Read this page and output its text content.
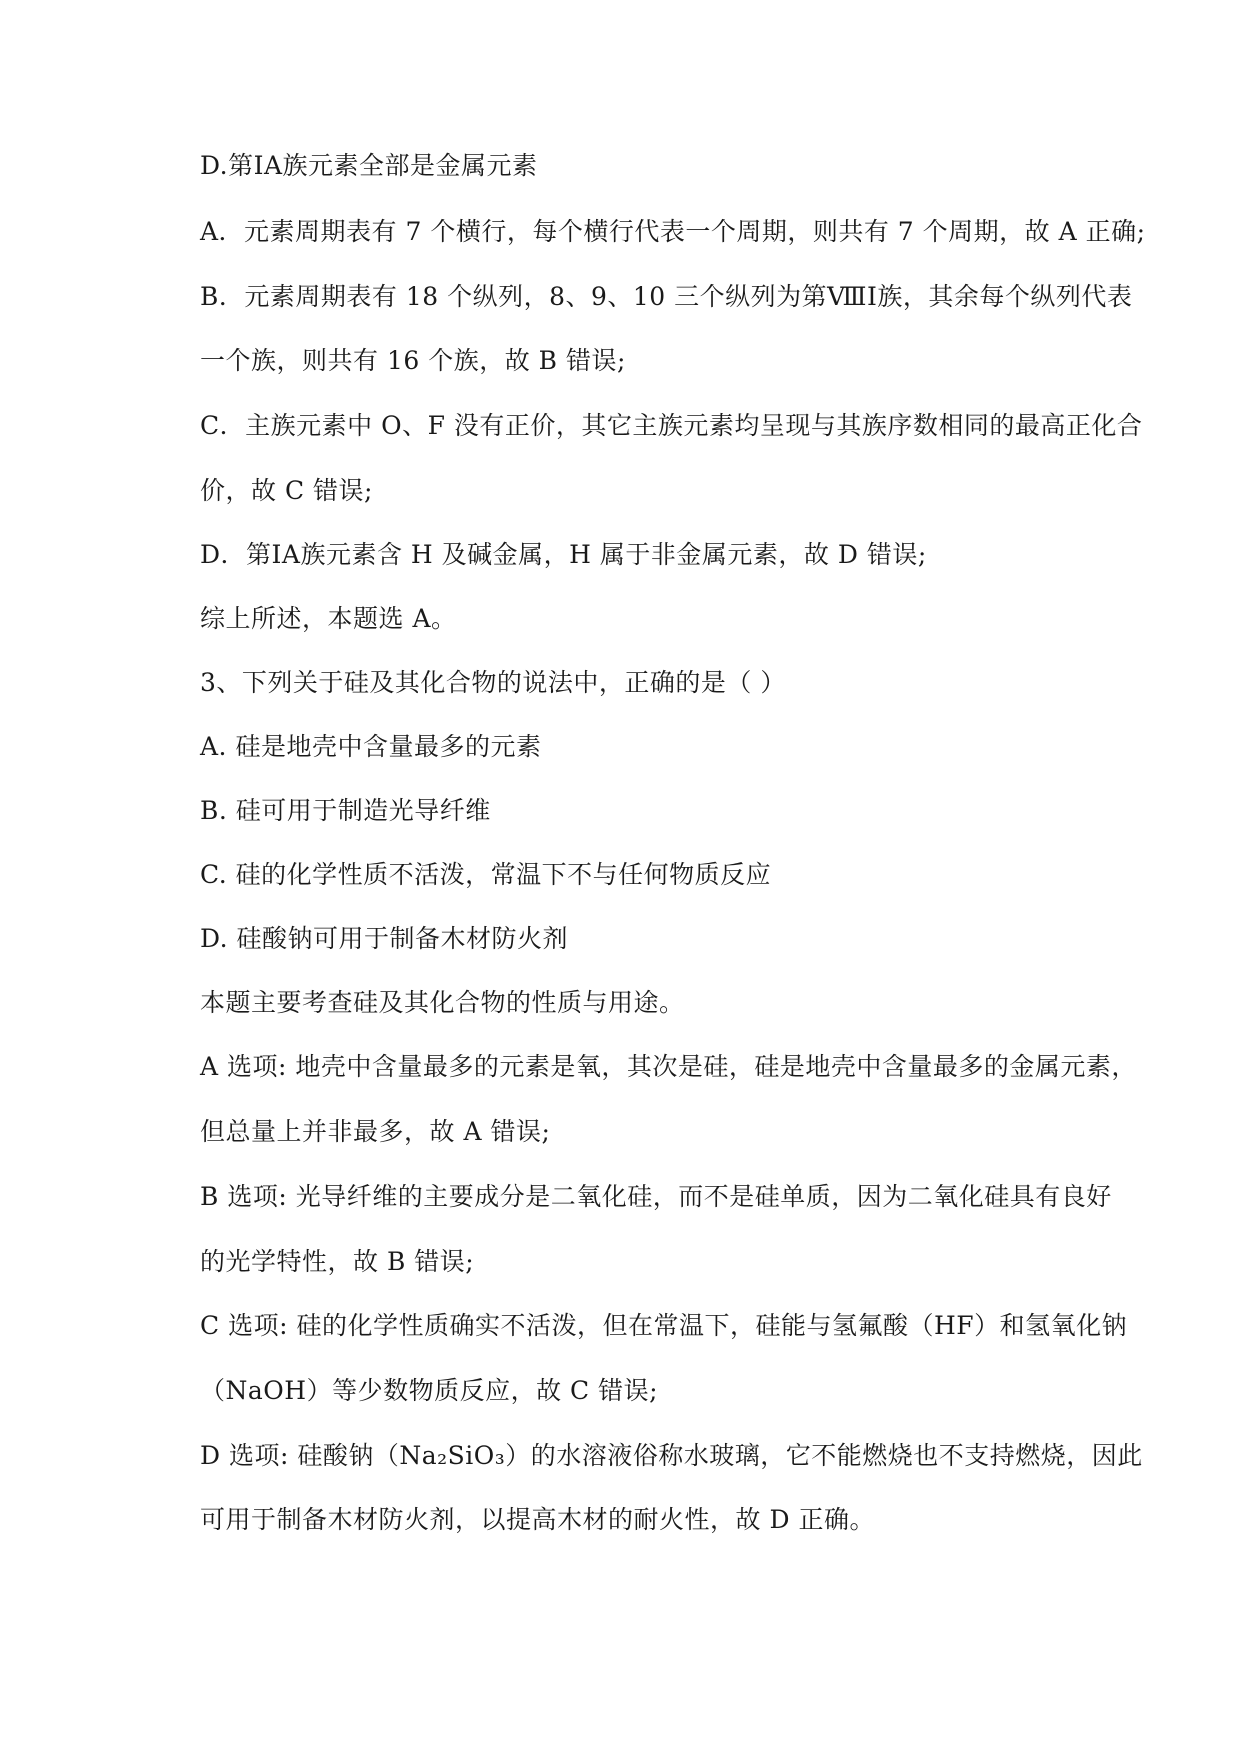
D.第ⅠA族元素全部是金属元素
A．元素周期表有 7 个横行，每个横行代表一个周期，则共有 7 个周期，故 A 正确;
B．元素周期表有 18 个纵列，8、9、10 三个纵列为第ⅧI族，其余每个纵列代表
一个族，则共有 16 个族，故 B 错误;
C．主族元素中 O、F 没有正价，其它主族元素均呈现与其族序数相同的最高正化合
价，故 C 错误;
D．第ⅠA族元素含 H 及碱金属，H 属于非金属元素，故 D 错误;
综上所述，本题选 A。
3、下列关于硅及其化合物的说法中，正确的是（ ）
A. 硅是地壳中含量最多的元素
B. 硅可用于制造光导纤维
C. 硅的化学性质不活泼，常温下不与任何物质反应
D. 硅酸钠可用于制备木材防火剂
本题主要考查硅及其化合物的性质与用途。
A 选项: 地壳中含量最多的元素是氧，其次是硅，硅是地壳中含量最多的金属元素，
但总量上并非最多，故 A 错误;
B 选项: 光导纤维的主要成分是二氧化硅，而不是硅单质，因为二氧化硅具有良好
的光学特性，故 B 错误;
C 选项: 硅的化学性质确实不活泼，但在常温下，硅能与氢氟酸（HF）和氢氧化钠
（NaOH）等少数物质反应，故 C 错误;
D 选项: 硅酸钠（Na₂SiO₃）的水溶液俗称水玻璃，它不能燃烧也不支持燃烧，因此
可用于制备木材防火剂，以提高木材的耐火性，故 D 正确。
